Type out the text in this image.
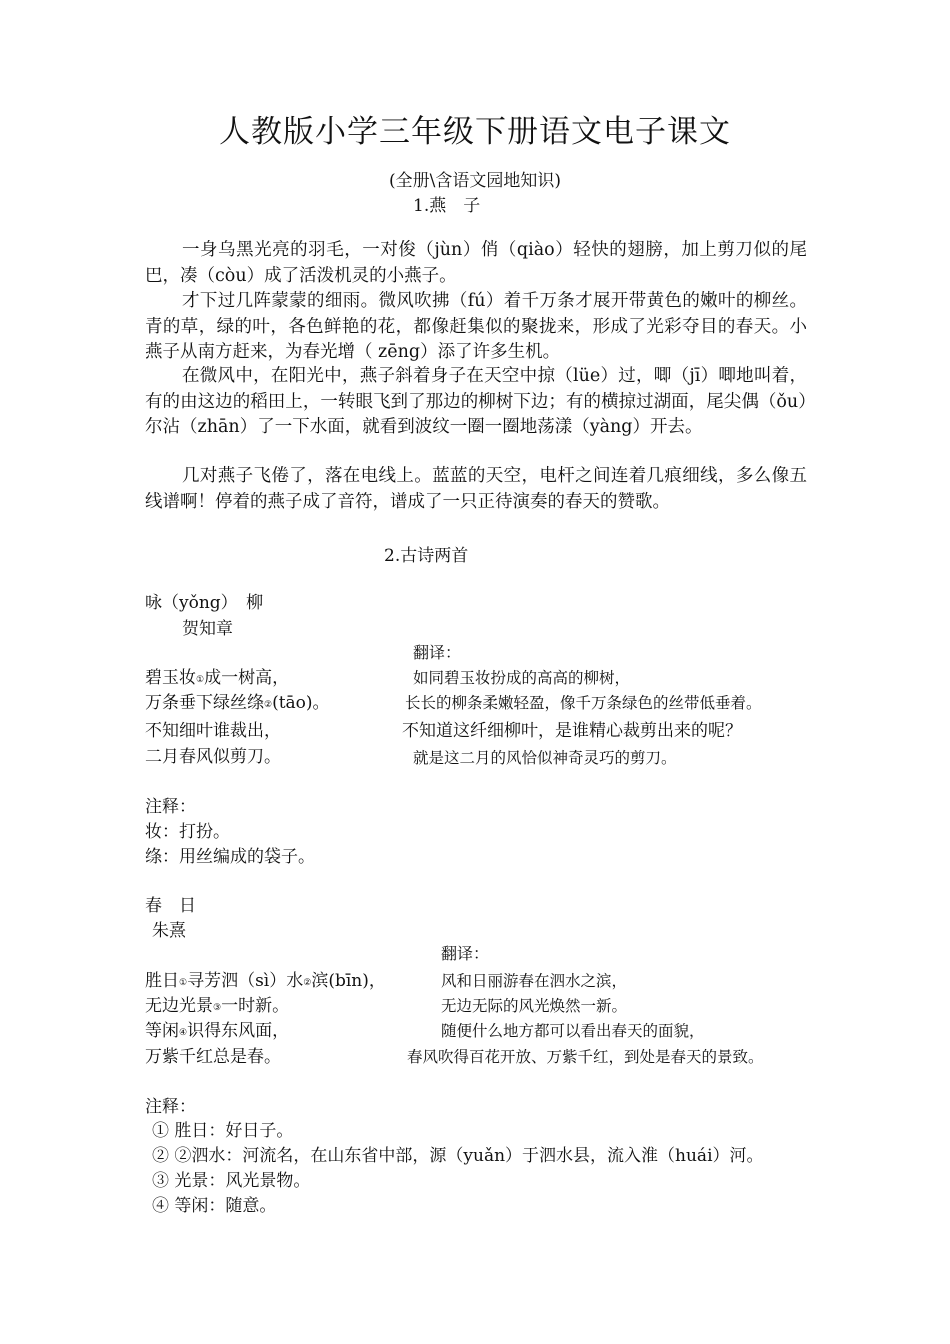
人教版小学三年级下册语文电子课文
(全册\含语文园地知识)
1.燕　子

一身乌黑光亮的羽毛，一对俊（jùn）俏（qiào）轻快的翅膀，加上剪刀似的尾巴，凑（còu）成了活泼机灵的小燕子。

才下过几阵蒙蒙的细雨。微风吹拂（fú）着千万条才展开带黄色的嫩叶的柳丝。青的草，绿的叶，各色鲜艳的花，都像赶集似的聚拢来，形成了光彩夺目的春天。小燕子从南方赶来，为春光增（ zēng）添了许多生机。

在微风中，在阳光中，燕子斜着身子在天空中掠（lüe）过，唧（jī）唧地叫着，有的由这边的稻田上，一转眼飞到了那边的柳树下边；有的横掠过湖面，尾尖偶（ǒu）尔沾（zhān）了一下水面，就看到波纹一圈一圈地荡漾（yàng）开去。

几对燕子飞倦了，落在电线上。蓝蓝的天空，电杆之间连着几痕细线，多么像五线谱啊！停着的燕子成了音符，谱成了一只正待演奏的春天的赞歌。

2.古诗两首
咏（yǒng）　柳
贺知章
翻译：
碧玉妆①成一树高，
万条垂下绿丝绦②(tāo)。
不知细叶谁裁出，
二月春风似剪刀。
如同碧玉妆扮成的高高的柳树，
长长的柳条柔嫩轻盈，像千万条绿色的丝带低垂着。
不知道这纤细柳叶，是谁精心裁剪出来的呢？
就是这二月的风恰似神奇灵巧的剪刀。
注释：
妆：打扮。
绦：用丝编成的袋子。
春　日
朱熹
翻译：
胜日①寻芳泗（sì）水②滨(bīn)，
无边光景③一时新。
等闲④识得东风面，
万紫千红总是春。
风和日丽游春在泗水之滨，
无边无际的风光焕然一新。
随便什么地方都可以看出春天的面貌，
春风吹得百花开放、万紫千红，到处是春天的景致。
注释：
① 胜日：好日子。
② ②泗水：河流名，在山东省中部，源（yuǎn）于泗水县，流入淮（huái）河。
③ 光景：风光景物。
④ 等闲：随意。
